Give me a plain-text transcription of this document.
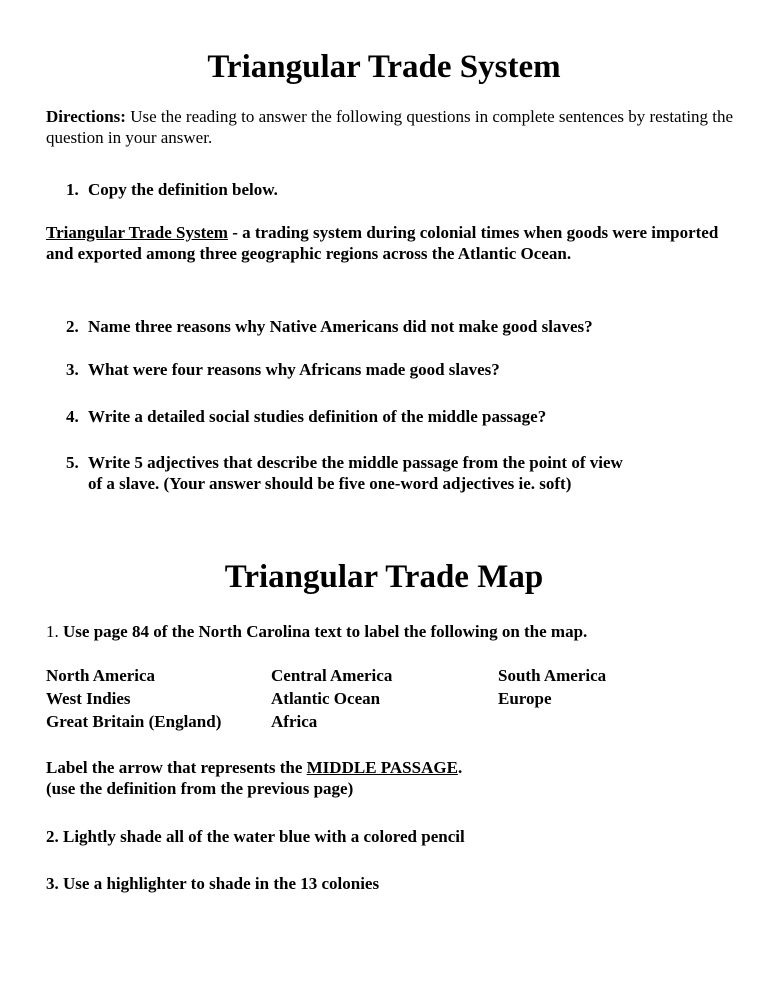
Triangular Trade System
Directions: Use the reading to answer the following questions in complete sentences by restating the question in your answer.
1. Copy the definition below.
Triangular Trade System - a trading system during colonial times when goods were imported and exported among three geographic regions across the Atlantic Ocean.
2. Name three reasons why Native Americans did not make good slaves?
3. What were four reasons why Africans made good slaves?
4. Write a detailed social studies definition of the middle passage?
5. Write 5 adjectives that describe the middle passage from the point of view
of a slave. (Your answer should be five one-word adjectives ie. soft)
Triangular Trade Map
1. Use page 84 of the North Carolina text to label the following on the map.
North America
West Indies
Great Britain (England)
Central America
Atlantic Ocean
Africa
South America
Europe
Label the arrow that represents the MIDDLE PASSAGE.
(use the definition from the previous page)
2. Lightly shade all of the water blue with a colored pencil
3. Use a highlighter to shade in the 13 colonies
